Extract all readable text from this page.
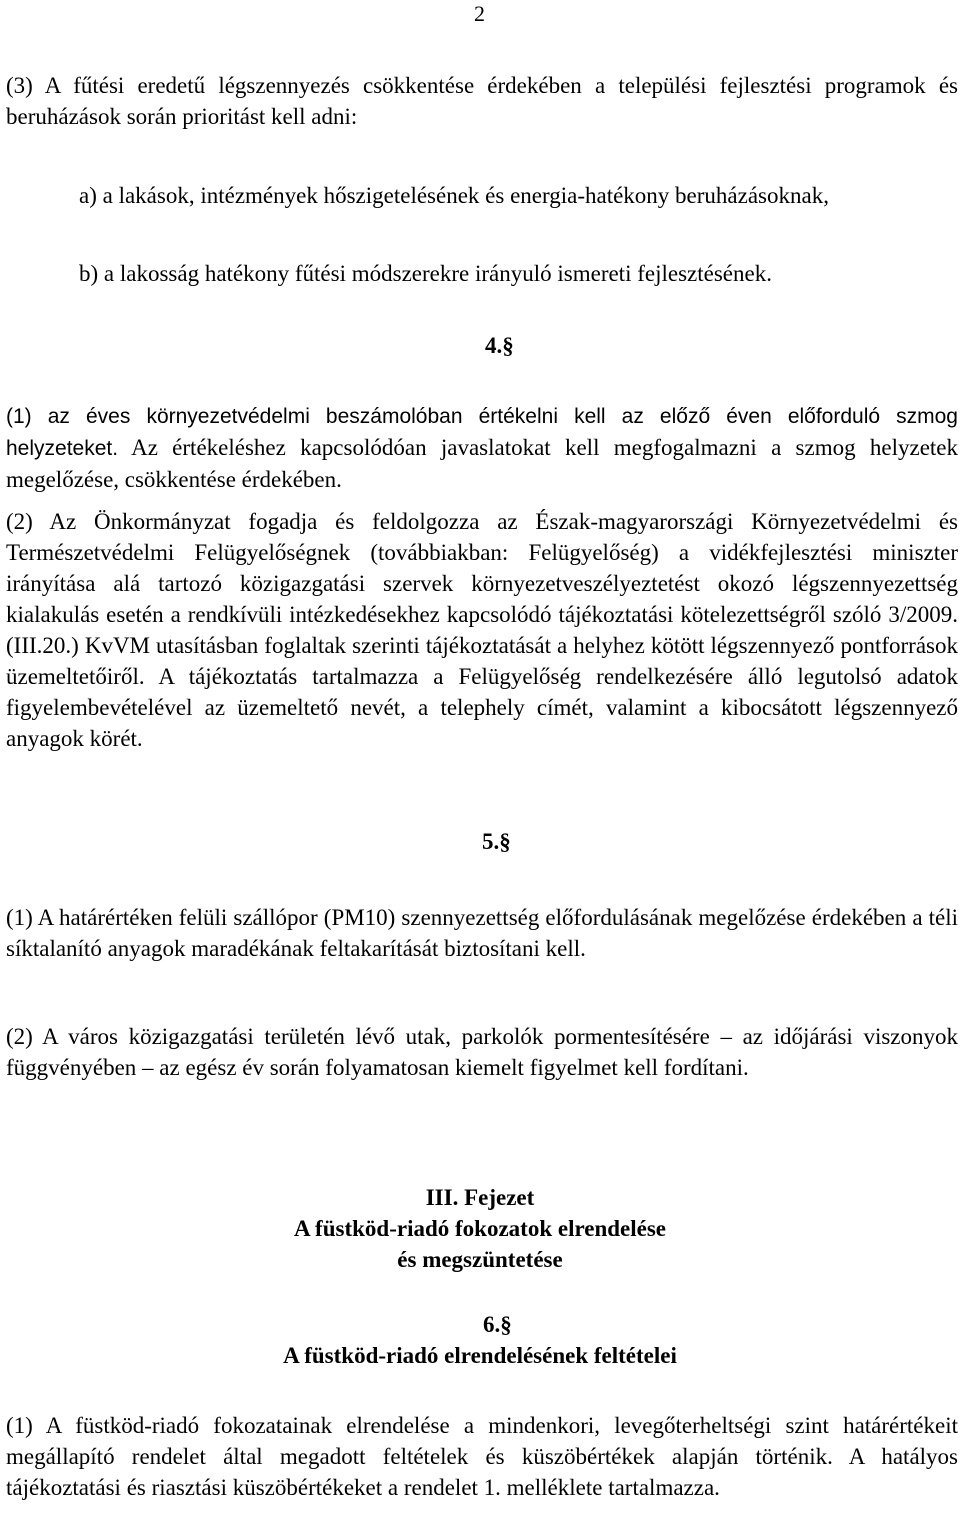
2

(3) A fűtési eredetű légszennyezés csökkentése érdekében a települési fejlesztési programok és beruházások során prioritást kell adni:

a) a lakások, intézmények hőszigetelésének és energia-hatékony beruházásoknak,

b) a lakosság hatékony fűtési módszerekre irányuló ismereti fejlesztésének.

4.§

(1) az éves környezetvédelmi beszámolóban értékelni kell az előző éven előforduló szmog helyzeteket. Az értékeléshez kapcsolódóan javaslatokat kell megfogalmazni a szmog helyzetek megelőzése, csökkentése érdekében.

(2) Az Önkormányzat fogadja és feldolgozza az Észak-magyarországi Környezetvédelmi és Természetvédelmi Felügyelőségnek (továbbiakban: Felügyelőség) a vidékfejlesztési miniszter irányítása alá tartozó közigazgatási szervek környezetveszélyeztetést okozó légszennyezettség kialakulás esetén a rendkívüli intézkedésekhez kapcsolódó tájékoztatási kötelezettségről szóló 3/2009. (III.20.) KvVM utasításban foglaltak szerinti tájékoztatását a helyhez kötött légszennyező pontforrások üzemeltetőiről. A tájékoztatás tartalmazza a Felügyelőség rendelkezésére álló legutolsó adatok figyelembevételével az üzemeltető nevét, a telephely címét, valamint a kibocsátott légszennyező anyagok körét.

5.§

(1) A határértéken felüli szállópor (PM10) szennyezettség előfordulásának megelőzése érdekében a téli síktalanító anyagok maradékának feltakarítását biztosítani kell.

(2) A város közigazgatási területén lévő utak, parkolók pormentesítésére – az időjárási viszonyok függvényében – az egész év során folyamatosan kiemelt figyelmet kell fordítani.

III. Fejezet
A füstköd-riadó fokozatok elrendelése
és megszüntetése
6.§
A füstköd-riadó elrendelésének feltételei

(1) A füstköd-riadó fokozatainak elrendelése a mindenkori, levegőterheltségi szint határértékeit megállapító rendelet által megadott feltételek és küszöbértékek alapján történik. A hatályos tájékoztatási és riasztási küszöbértékeket a rendelet 1. melléklete tartalmazza.
